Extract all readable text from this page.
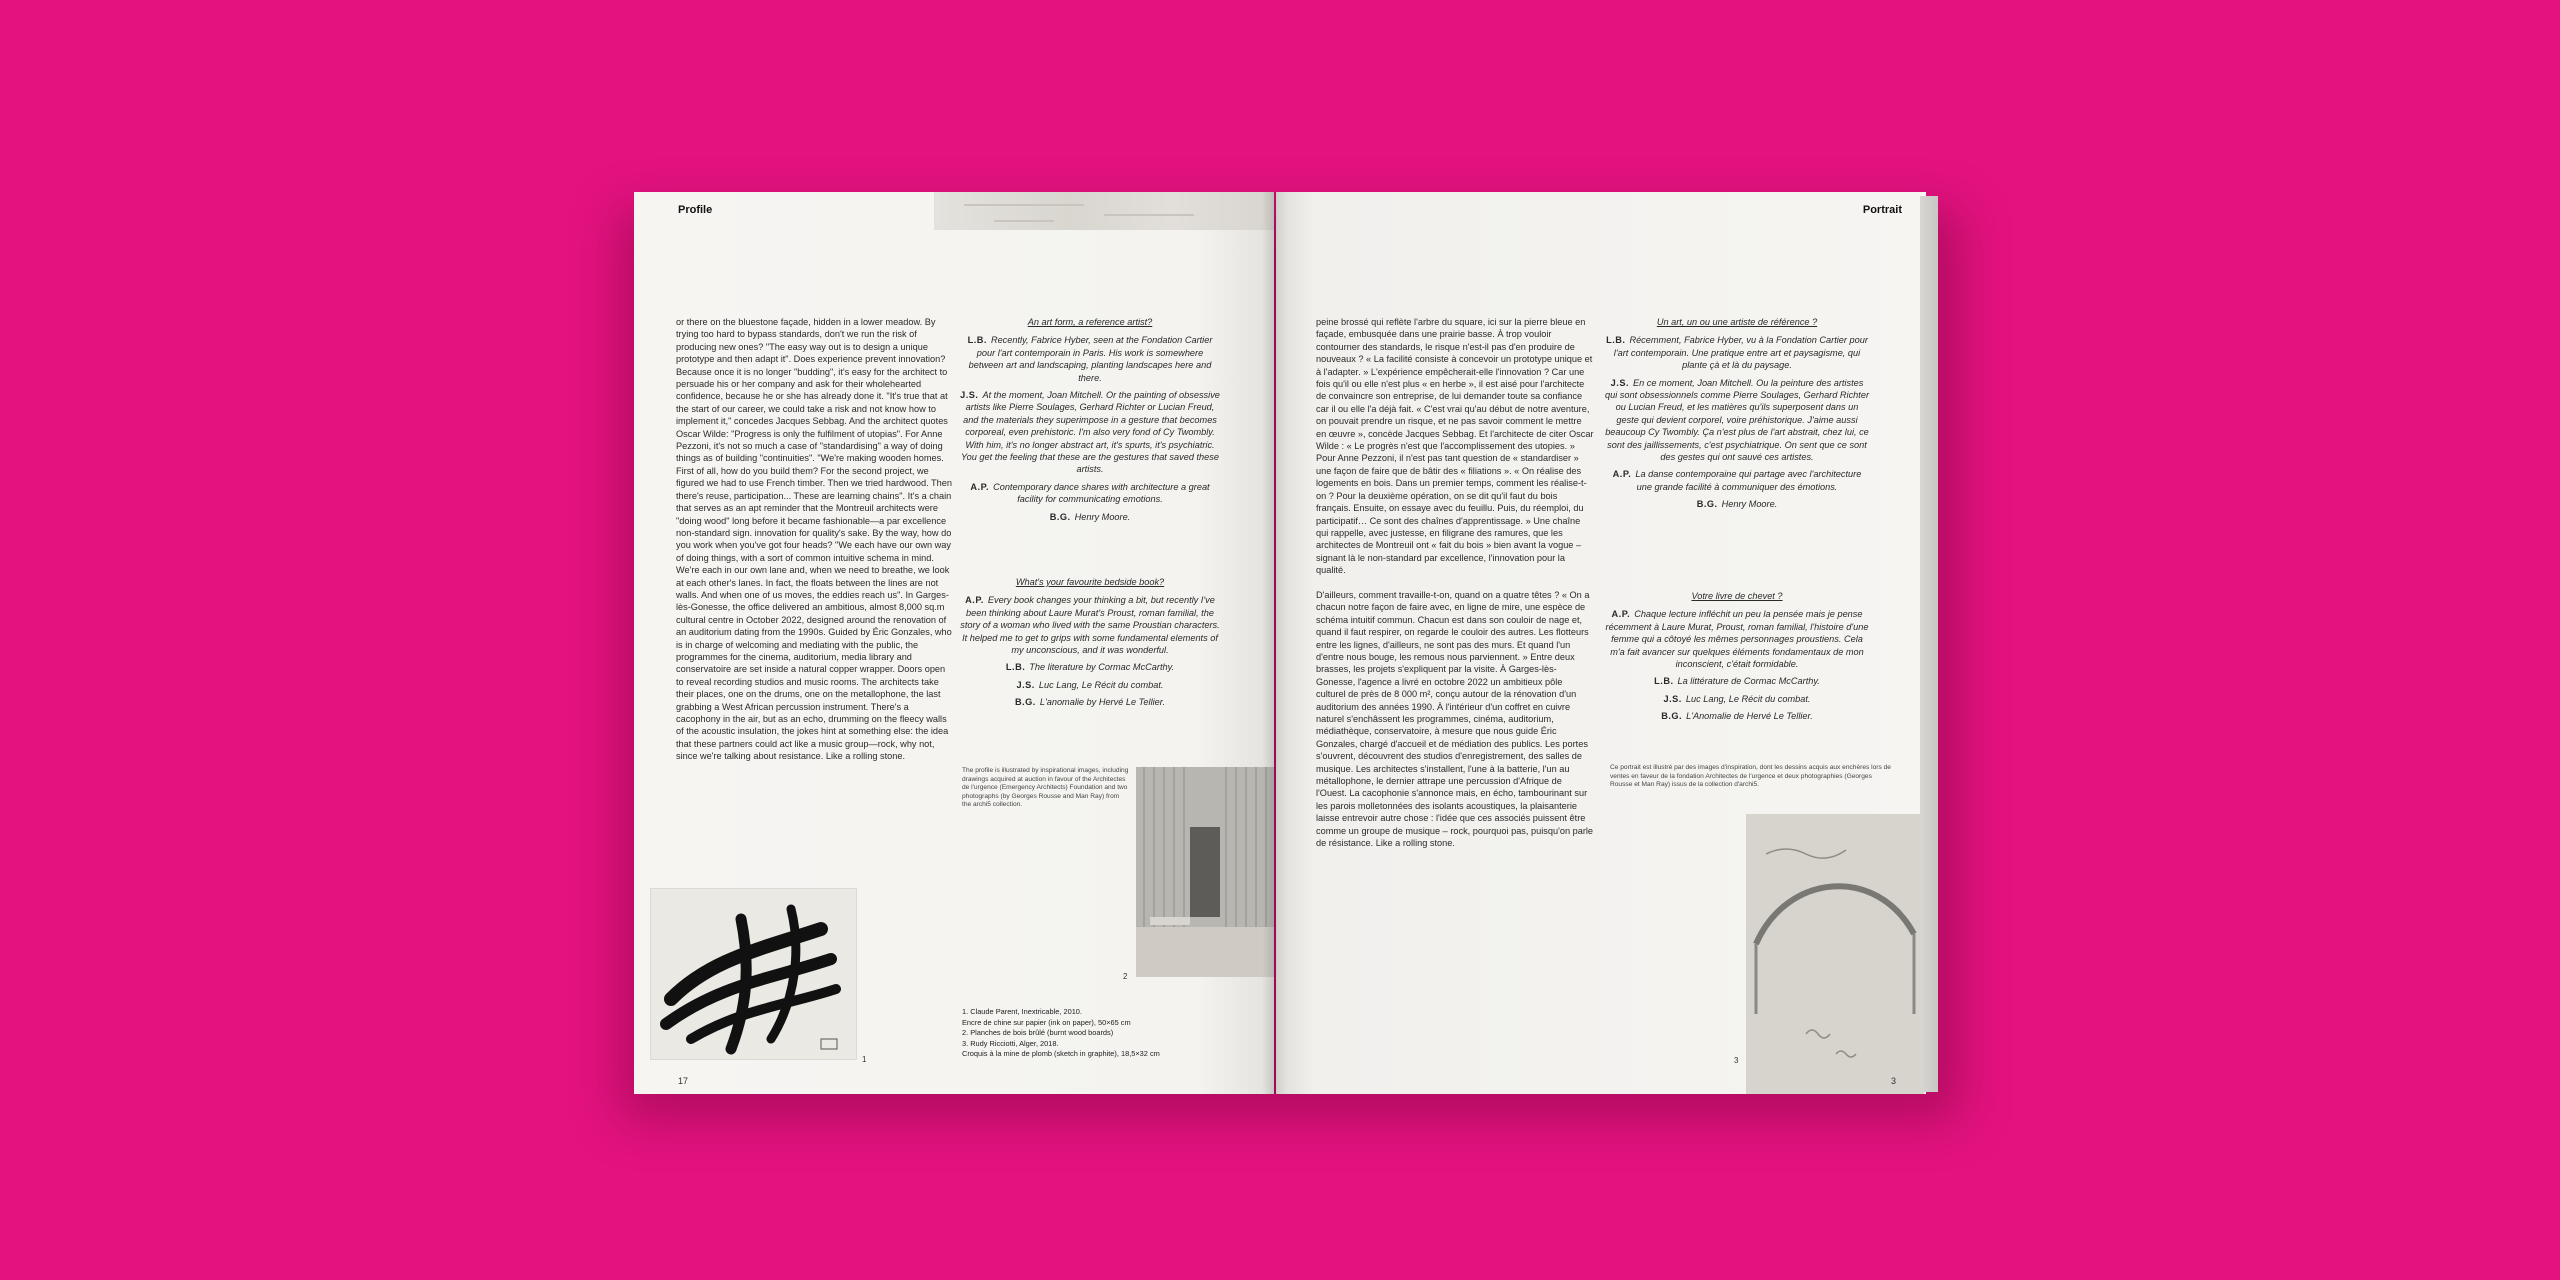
Profile
or there on the bluestone façade, hidden in a lower meadow. By trying too hard to bypass standards, don't we run the risk of producing new ones? "The easy way out is to design a unique prototype and then adapt it". Does experience prevent innovation? Because once it is no longer "budding", it's easy for the architect to persuade his or her company and ask for their wholehearted confidence, because he or she has already done it. "It's true that at the start of our career, we could take a risk and not know how to implement it," concedes Jacques Sebbag. And the architect quotes Oscar Wilde: "Progress is only the fulfilment of utopias". For Anne Pezzoni, it's not so much a case of "standardising" a way of doing things as of building "continuities". "We're making wooden homes. First of all, how do you build them? For the second project, we figured we had to use French timber. Then we tried hardwood. Then there's reuse, participation... These are learning chains". It's a chain that serves as an apt reminder that the Montreuil architects were "doing wood" long before it became fashionable—a par excellence non-standard sign. innovation for quality's sake. By the way, how do you work when you've got four heads? "We each have our own way of doing things, with a sort of common intuitive schema in mind. We're each in our own lane and, when we need to breathe, we look at each other's lanes. In fact, the floats between the lines are not walls. And when one of us moves, the eddies reach us". In Garges-lès-Gonesse, the office delivered an ambitious, almost 8,000 sq.m cultural centre in October 2022, designed around the renovation of an auditorium dating from the 1990s. Guided by Éric Gonzales, who is in charge of welcoming and mediating with the public, the programmes for the cinema, auditorium, media library and conservatoire are set inside a natural copper wrapper. Doors open to reveal recording studios and music rooms. The architects take their places, one on the drums, one on the metallophone, the last grabbing a West African percussion instrument. There's a cacophony in the air, but as an echo, drumming on the fleecy walls of the acoustic insulation, the jokes hint at something else: the idea that these partners could act like a music group—rock, why not, since we're talking about resistance. Like a rolling stone.
An art form, a reference artist?
L.B. Recently, Fabrice Hyber, seen at the Fondation Cartier pour l'art contemporain in Paris. His work is somewhere between art and landscaping, planting landscapes here and there.
J.S. At the moment, Joan Mitchell. Or the painting of obsessive artists like Pierre Soulages, Gerhard Richter or Lucian Freud, and the materials they superimpose in a gesture that becomes corporeal, even prehistoric. I'm also very fond of Cy Twombly. With him, it's no longer abstract art, it's spurts, it's psychiatric. You get the feeling that these are the gestures that saved these artists.
A.P. Contemporary dance shares with architecture a great facility for communicating emotions.
B.G. Henry Moore.
What's your favourite bedside book?
A.P. Every book changes your thinking a bit, but recently I've been thinking about Laure Murat's Proust, roman familial, the story of a woman who lived with the same Proustian characters. It helped me to get to grips with some fundamental elements of my unconscious, and it was wonderful.
L.B. The literature by Cormac McCarthy.
J.S. Luc Lang, Le Récit du combat.
B.G. L'anomalie by Hervé Le Tellier.
The profile is illustrated by inspirational images, including drawings acquired at auction in favour of the Architectes de l'urgence (Emergency Architects) Foundation and two photographs (by Georges Rousse and Man Ray) from the archi5 collection.
2
1
1. Claude Parent, Inextricable, 2010.
Encre de chine sur papier (ink on paper), 50×65 cm
2. Planches de bois brûlé (burnt wood boards)
3. Rudy Ricciotti, Alger, 2018.
Croquis à la mine de plomb (sketch in graphite), 18,5×32 cm
17
Portrait
peine brossé qui reflète l'arbre du square, ici sur la pierre bleue en façade, embusquée dans une prairie basse. À trop vouloir contourner des standards, le risque n'est-il pas d'en produire de nouveaux ? « La facilité consiste à concevoir un prototype unique et à l'adapter. » L'expérience empêcherait-elle l'innovation ? Car une fois qu'il ou elle n'est plus « en herbe », il est aisé pour l'architecte de convaincre son entreprise, de lui demander toute sa confiance car il ou elle l'a déjà fait. « C'est vrai qu'au début de notre aventure, on pouvait prendre un risque, et ne pas savoir comment le mettre en œuvre », concède Jacques Sebbag. Et l'architecte de citer Oscar Wilde : « Le progrès n'est que l'accomplissement des utopies. » Pour Anne Pezzoni, il n'est pas tant question de « standardiser » une façon de faire que de bâtir des « filiations ». « On réalise des logements en bois. Dans un premier temps, comment les réalise-t-on ? Pour la deuxième opération, on se dit qu'il faut du bois français. Ensuite, on essaye avec du feuillu. Puis, du réemploi, du participatif… Ce sont des chaînes d'apprentissage. » Une chaîne qui rappelle, avec justesse, en filigrane des ramures, que les architectes de Montreuil ont « fait du bois » bien avant la vogue – signant là le non-standard par excellence, l'innovation pour la qualité.

D'ailleurs, comment travaille-t-on, quand on a quatre têtes ? « On a chacun notre façon de faire avec, en ligne de mire, une espèce de schéma intuitif commun. Chacun est dans son couloir de nage et, quand il faut respirer, on regarde le couloir des autres. Les flotteurs entre les lignes, d'ailleurs, ne sont pas des murs. Et quand l'un d'entre nous bouge, les remous nous parviennent. » Entre deux brasses, les projets s'expliquent par la visite. À Garges-lès-Gonesse, l'agence a livré en octobre 2022 un ambitieux pôle culturel de près de 8 000 m², conçu autour de la rénovation d'un auditorium des années 1990. À l'intérieur d'un coffret en cuivre naturel s'enchâssent les programmes, cinéma, auditorium, médiathèque, conservatoire, à mesure que nous guide Éric Gonzales, chargé d'accueil et de médiation des publics. Les portes s'ouvrent, découvrent des studios d'enregistrement, des salles de musique. Les architectes s'installent, l'une à la batterie, l'un au métallophone, le dernier attrape une percussion d'Afrique de l'Ouest. La cacophonie s'annonce mais, en écho, tambourinant sur les parois molletonnées des isolants acoustiques, la plaisanterie laisse entrevoir autre chose : l'idée que ces associés puissent être comme un groupe de musique – rock, pourquoi pas, puisqu'on parle de résistance. Like a rolling stone.
Un art, un ou une artiste de référence ?
L.B. Récemment, Fabrice Hyber, vu à la Fondation Cartier pour l'art contemporain. Une pratique entre art et paysagisme, qui plante çà et là du paysage.
J.S. En ce moment, Joan Mitchell. Ou la peinture des artistes qui sont obsessionnels comme Pierre Soulages, Gerhard Richter ou Lucian Freud, et les matières qu'ils superposent dans un geste qui devient corporel, voire préhistorique. J'aime aussi beaucoup Cy Twombly. Ça n'est plus de l'art abstrait, chez lui, ce sont des jaillissements, c'est psychiatrique. On sent que ce sont des gestes qui ont sauvé ces artistes.
A.P. La danse contemporaine qui partage avec l'architecture une grande facilité à communiquer des émotions.
B.G. Henry Moore.
Votre livre de chevet ?
A.P. Chaque lecture infléchit un peu la pensée mais je pense récemment à Laure Murat, Proust, roman familial, l'histoire d'une femme qui a côtoyé les mêmes personnages proustiens. Cela m'a fait avancer sur quelques éléments fondamentaux de mon inconscient, c'était formidable.
L.B. La littérature de Cormac McCarthy.
J.S. Luc Lang, Le Récit du combat.
B.G. L'Anomalie de Hervé Le Tellier.
Ce portrait est illustré par des images d'inspiration, dont les dessins acquis aux enchères lors de ventes en faveur de la fondation Architectes de l'urgence et deux photographies (Georges Rousse et Man Ray) issus de la collection d'archi5.
3
3
